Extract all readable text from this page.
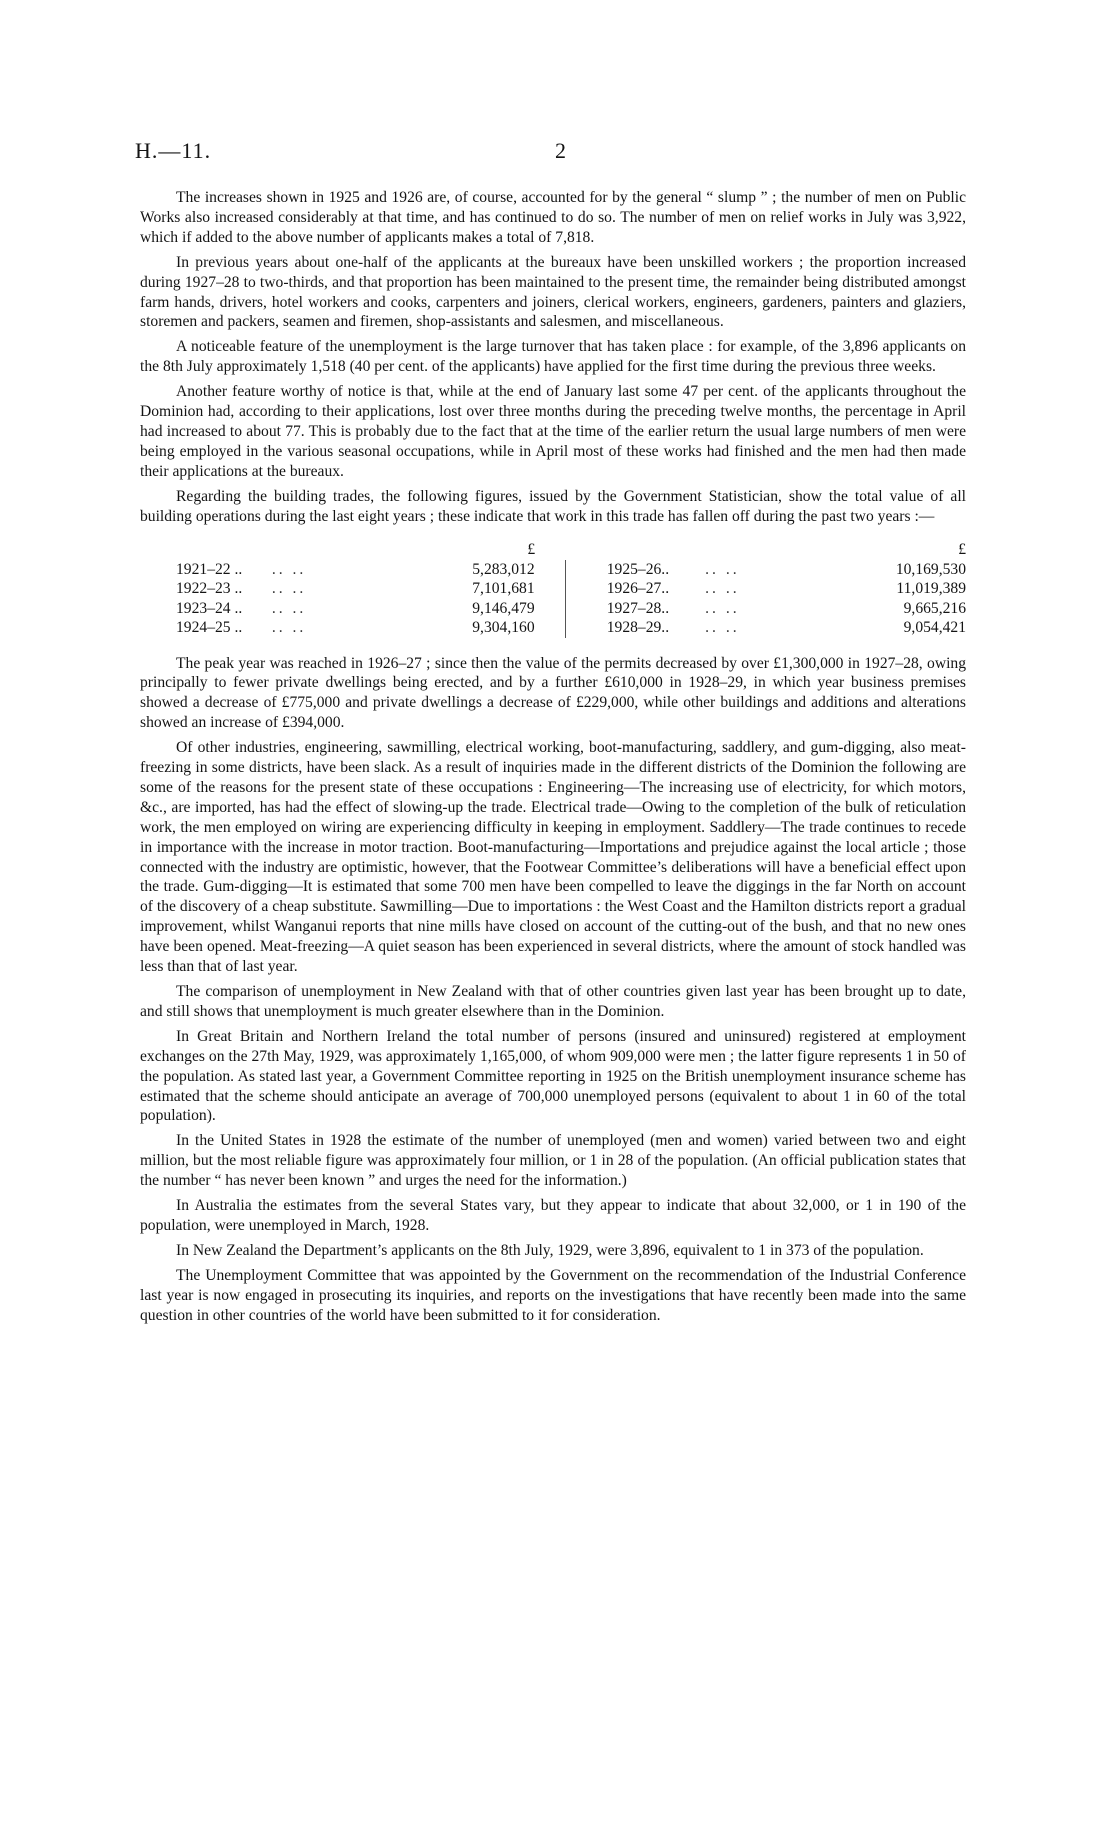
H.—11.	2

The increases shown in 1925 and 1926 are, of course, accounted for by the general “ slump ” ; the number of men on Public Works also increased considerably at that time, and has continued to do so. The number of men on relief works in July was 3,922, which if added to the above number of applicants makes a total of 7,818.

In previous years about one-half of the applicants at the bureaux have been unskilled workers ; the proportion increased during 1927–28 to two-thirds, and that proportion has been maintained to the present time, the remainder being distributed amongst farm hands, drivers, hotel workers and cooks, carpenters and joiners, clerical workers, engineers, gardeners, painters and glaziers, storemen and packers, seamen and firemen, shop-assistants and salesmen, and miscellaneous.

A noticeable feature of the unemployment is the large turnover that has taken place : for example, of the 3,896 applicants on the 8th July approximately 1,518 (40 per cent. of the applicants) have applied for the first time during the previous three weeks.

Another feature worthy of notice is that, while at the end of January last some 47 per cent. of the applicants throughout the Dominion had, according to their applications, lost over three months during the preceding twelve months, the percentage in April had increased to about 77. This is probably due to the fact that at the time of the earlier return the usual large numbers of men were being employed in the various seasonal occupations, while in April most of these works had finished and the men had then made their applications at the bureaux.

Regarding the building trades, the following figures, issued by the Government Statistician, show the total value of all building operations during the last eight years ; these indicate that work in this trade has fallen off during the past two years :—

		£				£
1921–22 ..	.. ..	5,283,012		1925–26..	.. ..	10,169,530
1922–23 ..	.. ..	7,101,681		1926–27..	.. ..	11,019,389
1923–24 ..	.. ..	9,146,479		1927–28..	.. ..	9,665,216
1924–25 ..	.. ..	9,304,160		1928–29..	.. ..	9,054,421

The peak year was reached in 1926–27 ; since then the value of the permits decreased by over £1,300,000 in 1927–28, owing principally to fewer private dwellings being erected, and by a further £610,000 in 1928–29, in which year business premises showed a decrease of £775,000 and private dwellings a decrease of £229,000, while other buildings and additions and alterations showed an increase of £394,000.

Of other industries, engineering, sawmilling, electrical working, boot-manufacturing, saddlery, and gum-digging, also meat-freezing in some districts, have been slack. As a result of inquiries made in the different districts of the Dominion the following are some of the reasons for the present state of these occupations : Engineering—The increasing use of electricity, for which motors, &c., are imported, has had the effect of slowing-up the trade. Electrical trade—Owing to the completion of the bulk of reticulation work, the men employed on wiring are experiencing difficulty in keeping in employment. Saddlery—The trade continues to recede in importance with the increase in motor traction. Boot-manufacturing—Importations and prejudice against the local article ; those connected with the industry are optimistic, however, that the Footwear Committee’s deliberations will have a beneficial effect upon the trade. Gum-digging—It is estimated that some 700 men have been compelled to leave the diggings in the far North on account of the discovery of a cheap substitute. Sawmilling—Due to importations : the West Coast and the Hamilton districts report a gradual improvement, whilst Wanganui reports that nine mills have closed on account of the cutting-out of the bush, and that no new ones have been opened. Meat-freezing—A quiet season has been experienced in several districts, where the amount of stock handled was less than that of last year.

The comparison of unemployment in New Zealand with that of other countries given last year has been brought up to date, and still shows that unemployment is much greater elsewhere than in the Dominion.

In Great Britain and Northern Ireland the total number of persons (insured and uninsured) registered at employment exchanges on the 27th May, 1929, was approximately 1,165,000, of whom 909,000 were men ; the latter figure represents 1 in 50 of the population. As stated last year, a Government Committee reporting in 1925 on the British unemployment insurance scheme has estimated that the scheme should anticipate an average of 700,000 unemployed persons (equivalent to about 1 in 60 of the total population).

In the United States in 1928 the estimate of the number of unemployed (men and women) varied between two and eight million, but the most reliable figure was approximately four million, or 1 in 28 of the population. (An official publication states that the number “ has never been known ” and urges the need for the information.)

In Australia the estimates from the several States vary, but they appear to indicate that about 32,000, or 1 in 190 of the population, were unemployed in March, 1928.

In New Zealand the Department’s applicants on the 8th July, 1929, were 3,896, equivalent to 1 in 373 of the population.

The Unemployment Committee that was appointed by the Government on the recommendation of the Industrial Conference last year is now engaged in prosecuting its inquiries, and reports on the investigations that have recently been made into the same question in other countries of the world have been submitted to it for consideration.
